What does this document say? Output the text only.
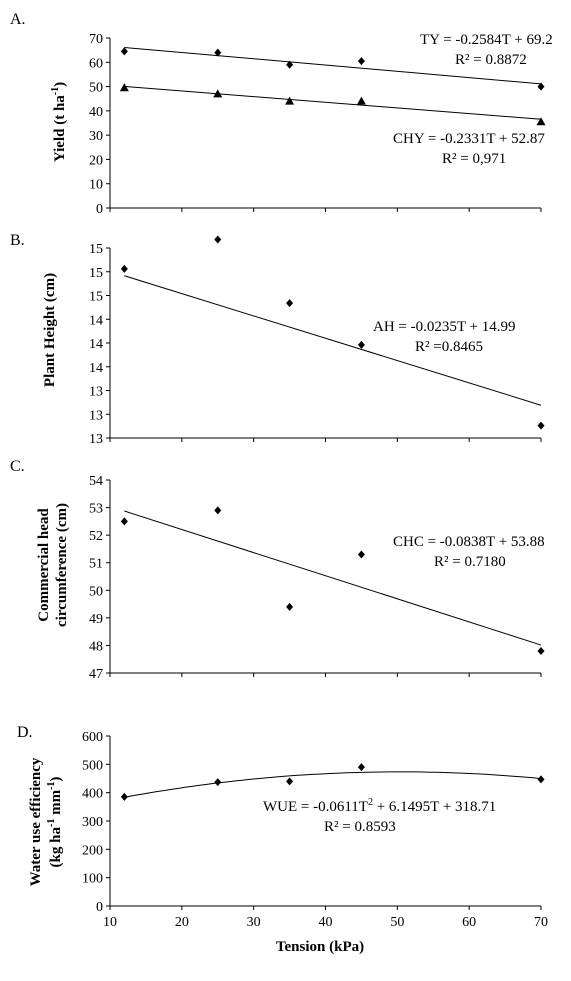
A.
Yield (t $ha^{-1}$)
TY = -0.2584T + 69.2
R² = 0.8872
CHY = -0.2331T + 52.87
R² = 0,971
0
10
20
30
40
50
60
70
B.
Plant Height (cm)	AH = -0.0235T + 14.99
R² =0.8465
13
13
13
14
14
14
15
15
15
C.
Commercial head circumference (cm)	CHC = -0.0838T + 53.88
R² = 0.7180
47
48
49
50
51
52
53
54
D.
Water use efficiency (kg $ha^{-1}$ $mm^{-1}$)
WUE = $-0.0611T^2 + 6.1495T + 318.71$
R² = 0.8593
Tension (kPa)
0
100
200
300
400
500
600
10	20	30	40	50	60	70
